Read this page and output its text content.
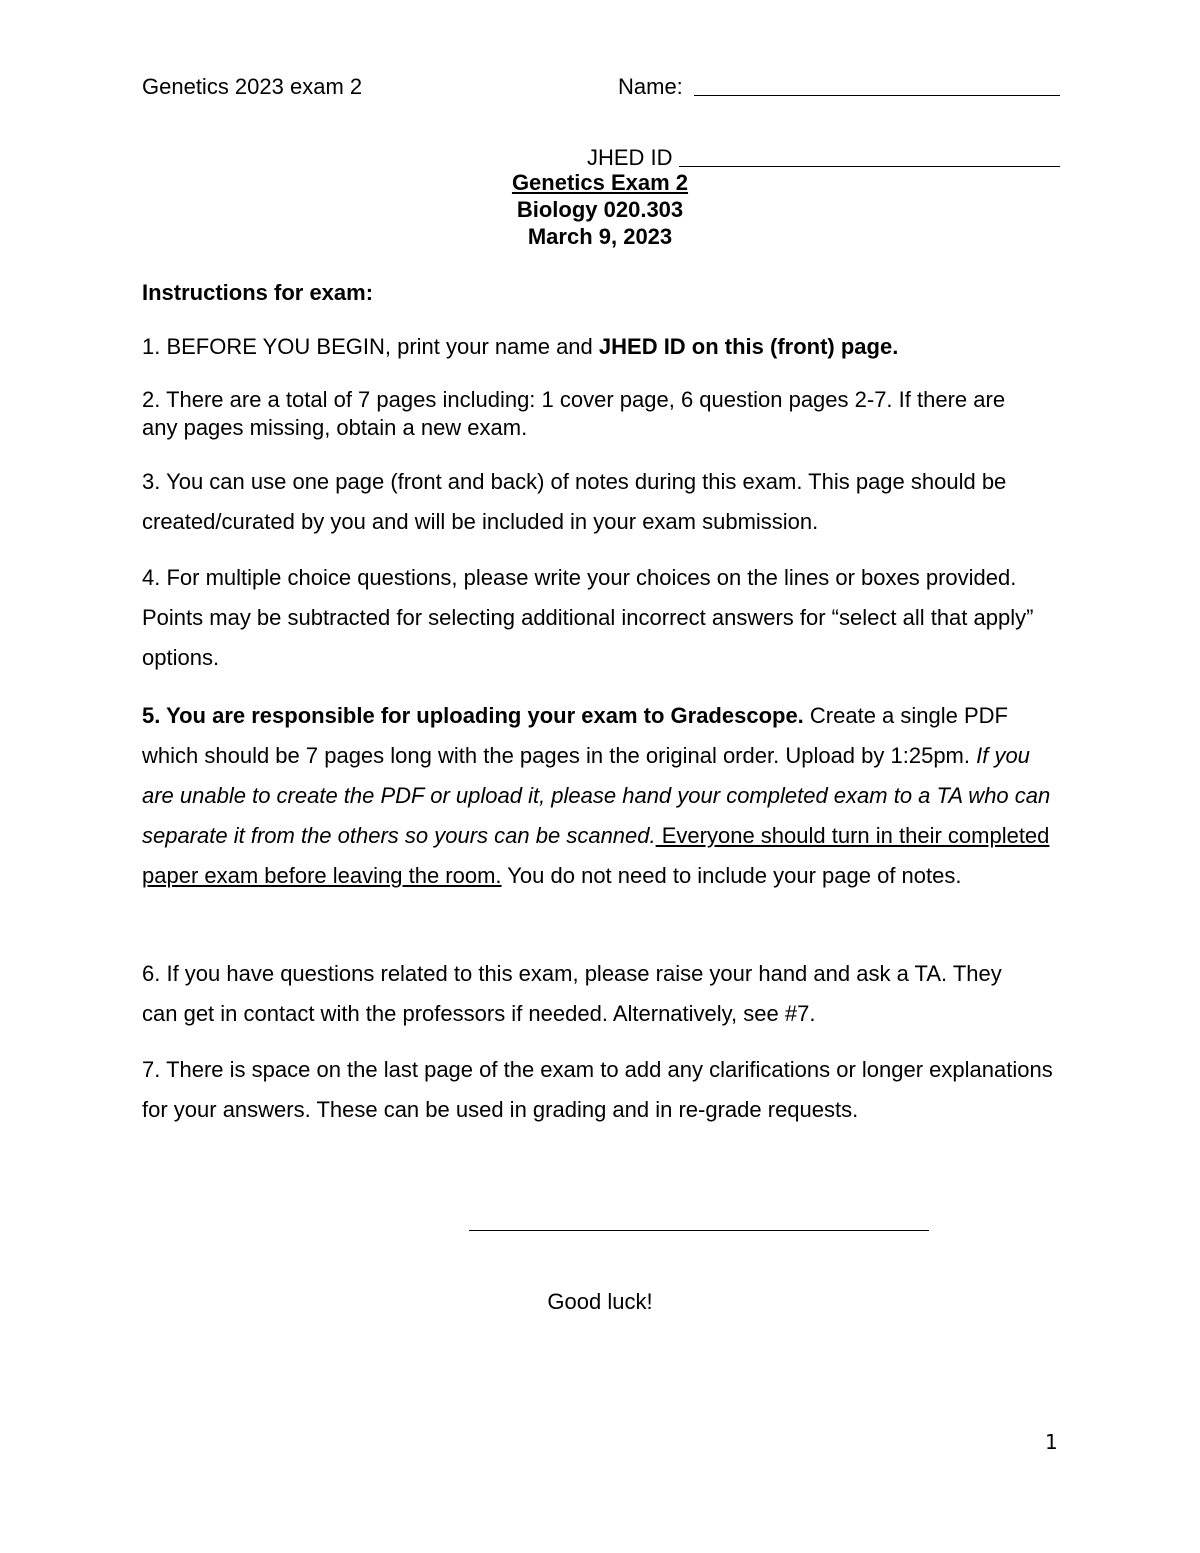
Genetics 2023 exam 2	Name:
JHED ID
Genetics Exam 2
Biology 020.303
March 9, 2023
Instructions for exam:
1. BEFORE YOU BEGIN, print your name and JHED ID on this (front) page.
2. There are a total of 7 pages including: 1 cover page, 6 question pages 2-7. If there are any pages missing, obtain a new exam.
3. You can use one page (front and back) of notes during this exam. This page should be created/curated by you and will be included in your exam submission.
4. For multiple choice questions, please write your choices on the lines or boxes provided. Points may be subtracted for selecting additional incorrect answers for “select all that apply” options.
5. You are responsible for uploading your exam to Gradescope. Create a single PDF which should be 7 pages long with the pages in the original order. Upload by 1:25pm. If you are unable to create the PDF or upload it, please hand your completed exam to a TA who can separate it from the others so yours can be scanned. Everyone should turn in their completed paper exam before leaving the room. You do not need to include your page of notes.
6. If you have questions related to this exam, please raise your hand and ask a TA. They can get in contact with the professors if needed. Alternatively, see #7.
7. There is space on the last page of the exam to add any clarifications or longer explanations for your answers. These can be used in grading and in re-grade requests.
Good luck!
1
